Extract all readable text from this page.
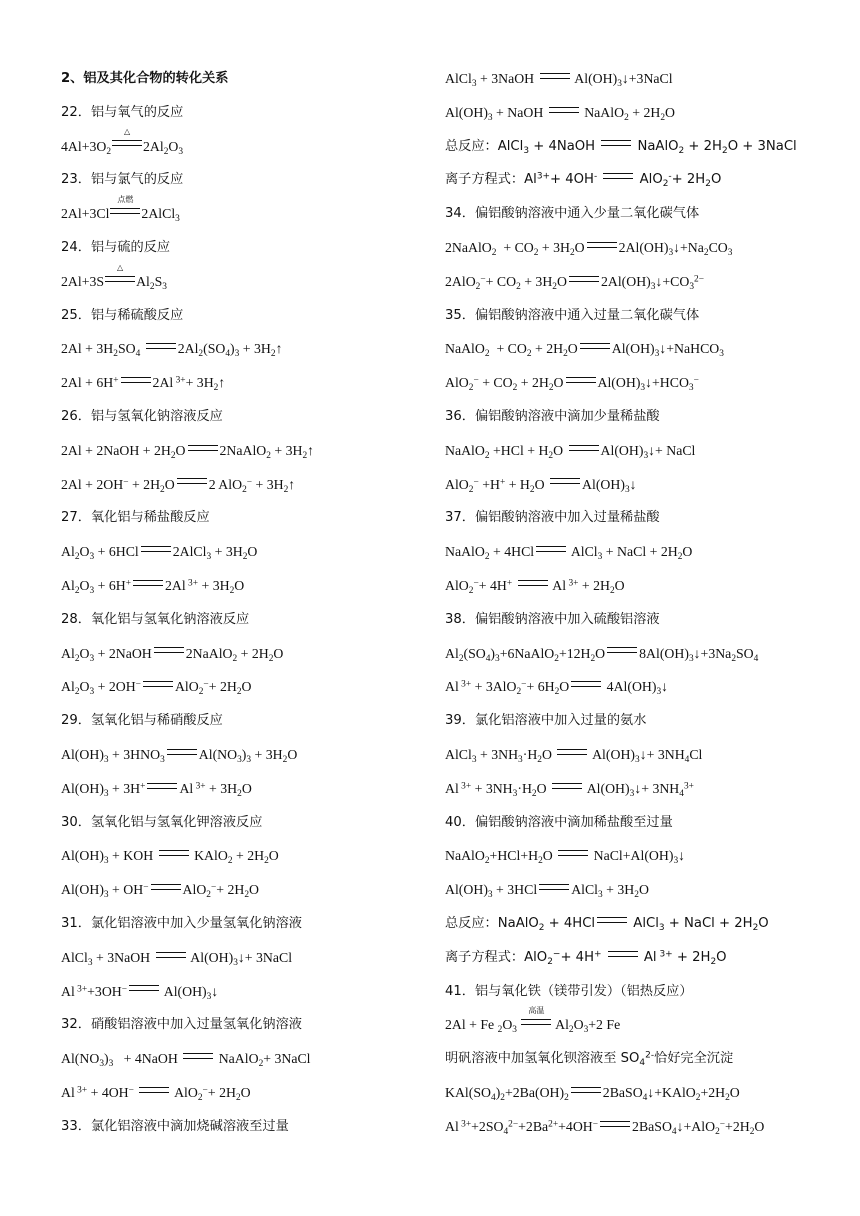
2、铝及其化合物的转化关系
22．铝与氧气的反应
$4Al+3O_2\triangle$ $2Al_2O_3$
23．铝与氯气的反应
2Al+3Cl点燃 2AlCl$_3$
24．铝与硫的反应
2Al+3S△ $Al_2S_3$
25．铝与稀硫酸反应
$2Al + 3H_2SO_4$	$2Al_2(SO_4)_3$ + $3H_2↑$
2Al + 6H+ 2Al $^{3+}+ 3H_2↑$
26．铝与氢氧化钠溶液反应
2Al + 2NaOH + $2H_2O$ 2NaAlO$_2$ + $3H_2↑$
$2Al + 2OH^- + 2H_2O$ 2 $AlO_2^- + 3H_2↑$
27．氧化铝与稀盐酸反应
$Al_2O_3 + 6HCl$ 2AlCl$_3$ + $3H_2O$
$Al_2O_3 + 6H^+$ 2Al $^{3+} + 3H_2O$
28．氧化铝与氢氧化钠溶液反应
$Al_2O_3$ + 2NaOH 2NaAlO$_2$ + $2H_2O$
$Al_2O_3 + 2OH^-$ $AlO_2^-+ 2H_2O$
29．氢氧化铝与稀硝酸反应
$Al(OH)_3 + 3HNO_3$ $Al(NO_3)_3 + 3H_2O$
$Al(OH)_3 + 3H^+$ Al $^{3+} + 3H_2O$
30．氢氧化铝与氢氧化钾溶液反应
$Al(OH)_3$ + KOH  KAlO$_2$ + $2H_2O$
$Al(OH)_3 + OH^-$ $AlO_2^-+ 2H_2O$
31．氯化铝溶液中加入少量氢氧化钠溶液
AlCl$_3$ + 3NaOH  $Al(OH)_3↓+$ 3NaCl
Al $^{3+}$+3OH− $Al(OH)_3↓$
32．硝酸铝溶液中加入过量氢氧化钠溶液
$Al(NO_3)_3$   + 4NaOH  NaAlO$_2$+ 3NaCl
Al $^{3+}$ + 4OH−	$AlO_2^-+ 2H_2O$
33．氯化铝溶液中滴加烧碱溶液至过量
AlCl$_3$ + 3NaOH  $Al(OH)_3↓+3NaCl$
$Al(OH)_3$ + NaOH  NaAlO$_2$ + $2H_2O$
总反应：AlCl$_3$ + 4NaOH	NaAlO$_2$ + $2H_2O$ + 3NaCl
离子方程式：$Al^{3+}+ 4OH^-$	$AlO_2^-+ 2H_2O$
34．偏铝酸钠溶液中通入少量二氧化碳气体
2NaAlO$_2$  + $CO_2 + 3H_2O$ $2Al(OH)_3↓+Na_2CO_3$
$2AlO_2^-+ CO_2 + 3H_2O$ $2Al(OH)_3↓+CO_3^{2-}$
35．偏铝酸钠溶液中通入过量二氧化碳气体
NaAlO$_2$  + $CO_2 + 2H_2O$ $Al(OH)_3↓+NaHCO_3$
$AlO_2^- + CO_2 + 2H_2O$ $Al(OH)_3↓+HCO_3^-$
36．偏铝酸钠溶液中滴加少量稀盐酸
NaAlO$_2$ $+HCl + H_2O$ $Al(OH)_3↓+$ NaCl
$AlO_2^- +H^+ + H_2O$ $Al(OH)_3↓$
37．偏铝酸钠溶液中加入过量稀盐酸
NaAlO$_2$ + 4HCl AlCl$_3$ + NaCl + $2H_2O$
AlO$_2$−+ 4H+	Al $^{3+} + 2H_2O$
38．偏铝酸钠溶液中加入硫酸铝溶液
$Al_2(SO_4)_3+6NaAlO_2+12H_2O$ $8Al(OH)_3↓+3Na_2SO_4$
Al $^{3+} + 3AlO_2^-+ 6H_2O$ $4Al(OH)_3↓$
39．氯化铝溶液中加入过量的氨水
AlCl$_3$ + $3NH_3\cdot H_2O$  $Al(OH)_3↓+ 3NH_4Cl$
Al $^{3+} + 3NH_3\cdot H_2O$  $Al(OH)_3↓+ 3NH_4^{3+}$
40．偏铝酸钠溶液中滴加稀盐酸至过量
$NaAlO_2+HCl+H_2O$  $NaCl+Al(OH)_3↓$
$Al(OH)_3 + 3HCl$ AlCl$_3$ + $3H_2O$
总反应：NaAlO$_2$ + 4HCl	AlCl$_3$ + NaCl + $2H_2O$
离子方程式：AlO$_2$−+ 4H+	Al $^{3+} + 2H_2O$
41．铝与氧化铁（镁带引发）（铝热反应）
2Al + Fe $_2O_3$ 高温	$Al_2O_3+2$ Fe
明矾溶液中加氢氧化钡溶液至 $SO_4^{2-}$恰好完全沉淀
$KAl(SO_4)_2+2Ba(OH)_2$ $2BaSO_4↓+KAlO_2+2H_2O$
Al $^{3+}+2SO_4^{2-}+2Ba^{2+}+4OH^-$ $2BaSO_4↓+AlO_2^-+2H_2O$
